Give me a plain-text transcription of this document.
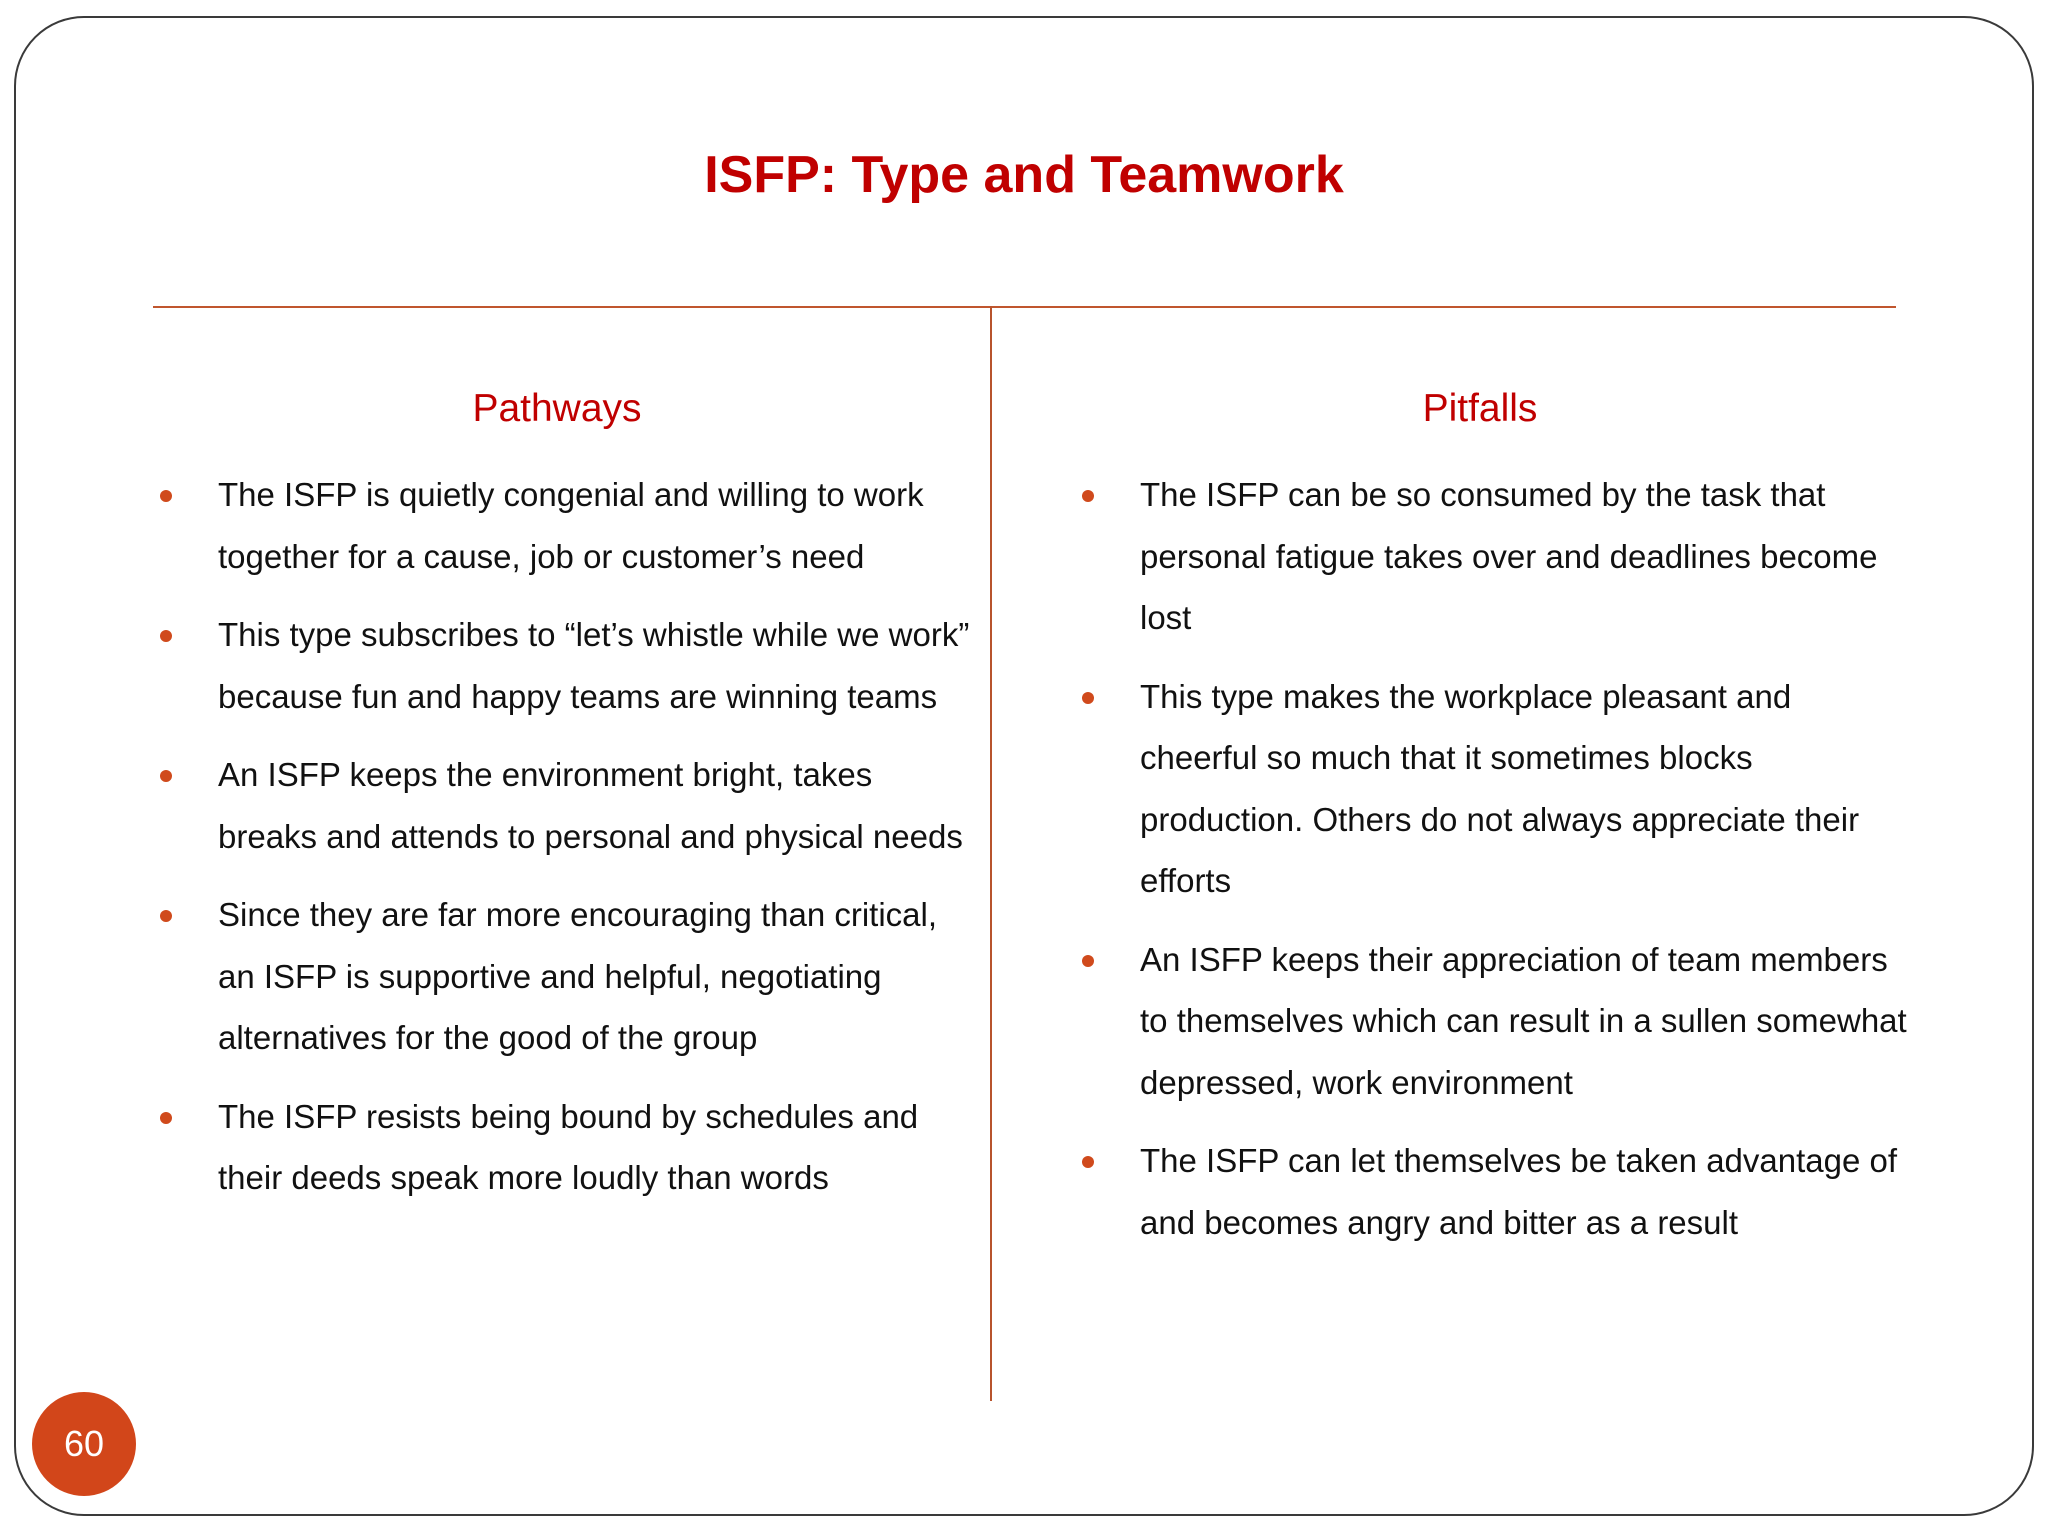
ISFP: Type and Teamwork
Pathways	Pitfalls
The ISFP is quietly congenial and willing to work together for a cause, job or customer’s need
This type subscribes to “let’s whistle while we work” because fun and happy teams are winning teams
An ISFP keeps the environment bright, takes breaks and attends to personal and physical needs
Since they are far more encouraging than critical, an ISFP is supportive and helpful, negotiating alternatives for the good of the group
The ISFP resists being bound by schedules and their deeds speak more loudly than words
The ISFP can be so consumed by the task that personal fatigue takes over and deadlines become lost
This type makes the workplace pleasant and cheerful so much that it sometimes blocks production. Others do not always appreciate their efforts
An ISFP keeps their appreciation of team members to themselves which can result in a sullen somewhat depressed, work environment
The ISFP can let themselves be taken advantage of and becomes angry and bitter as a result
60
